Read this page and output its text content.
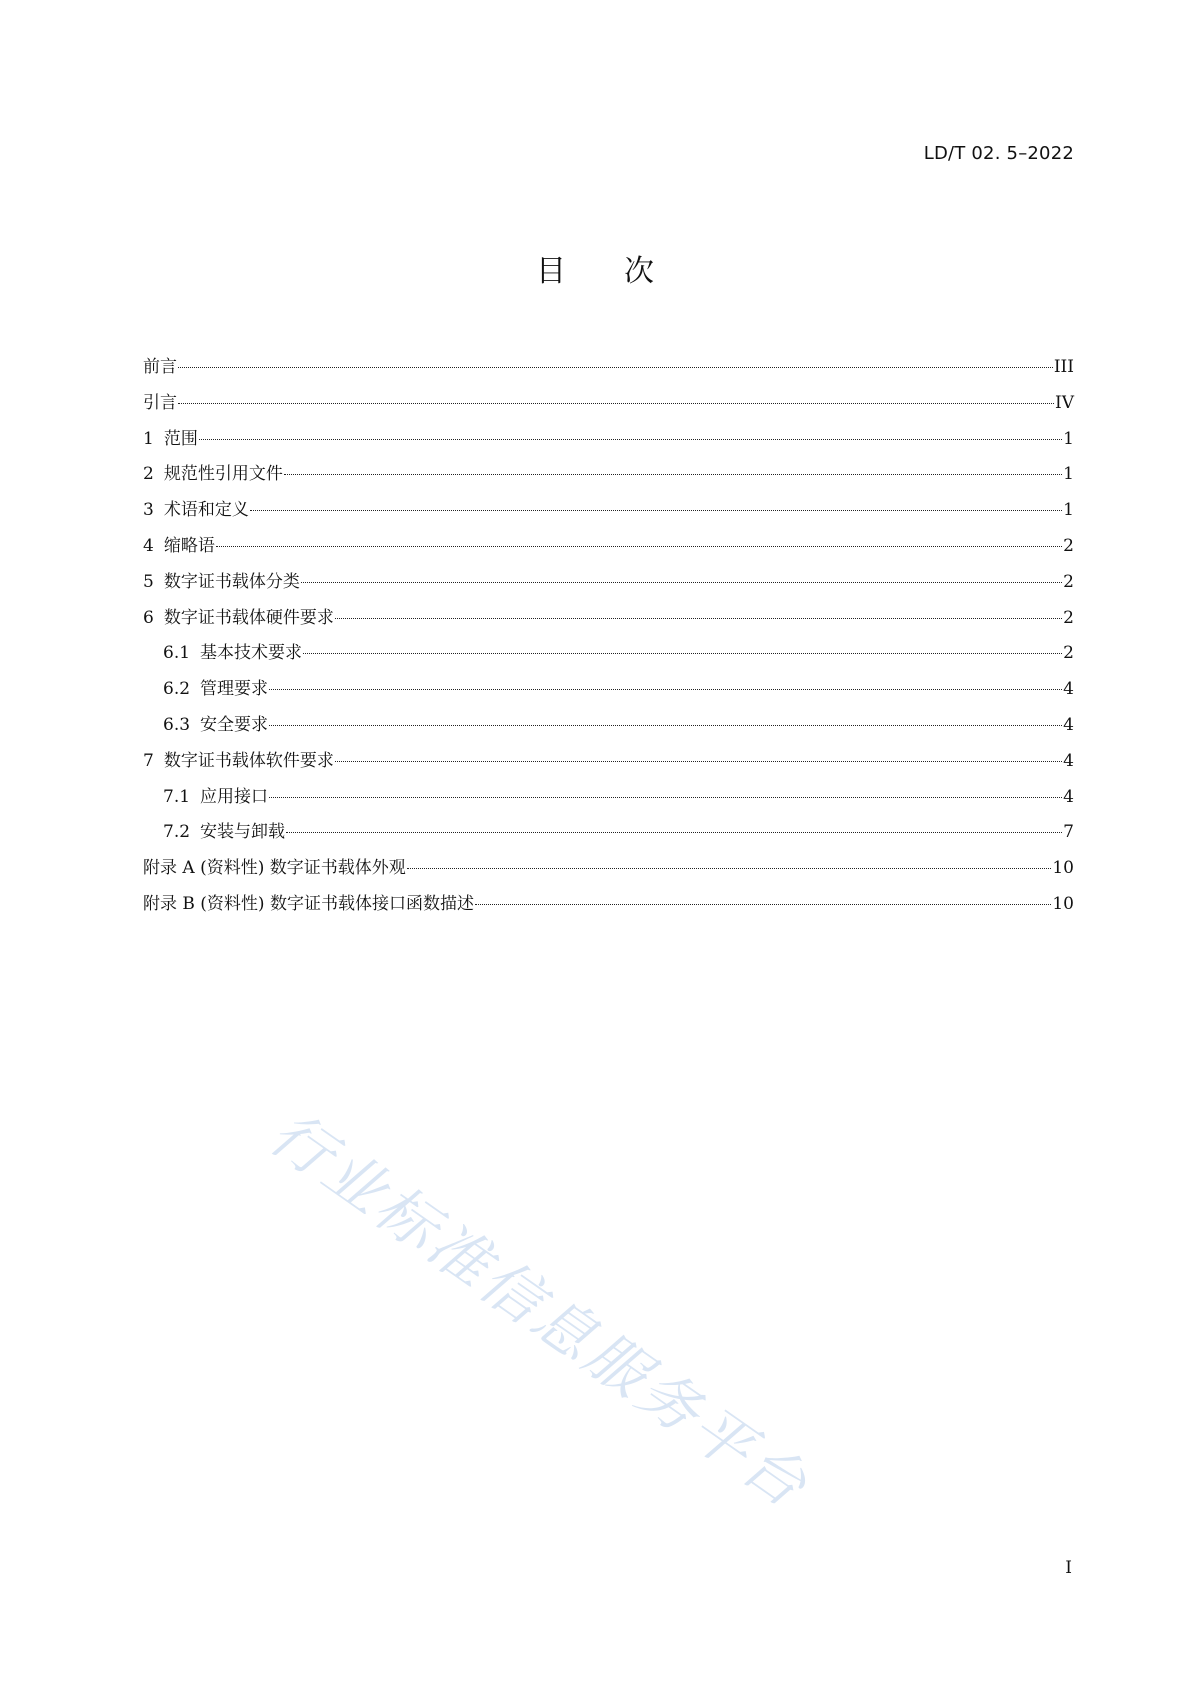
LD/T 02. 5–2022
目 次
前言	III
引言	IV
1 范围	1
2 规范性引用文件	1
3 术语和定义	1
4 缩略语	2
5 数字证书载体分类	2
6 数字证书载体硬件要求	2
6.1 基本技术要求	2
6.2 管理要求	4
6.3 安全要求	4
7 数字证书载体软件要求	4
7.1 应用接口	4
7.2 安装与卸载	7
附录 A (资料性) 数字证书载体外观	10
附录 B (资料性) 数字证书载体接口函数描述	10
行业标准信息服务平台
I
